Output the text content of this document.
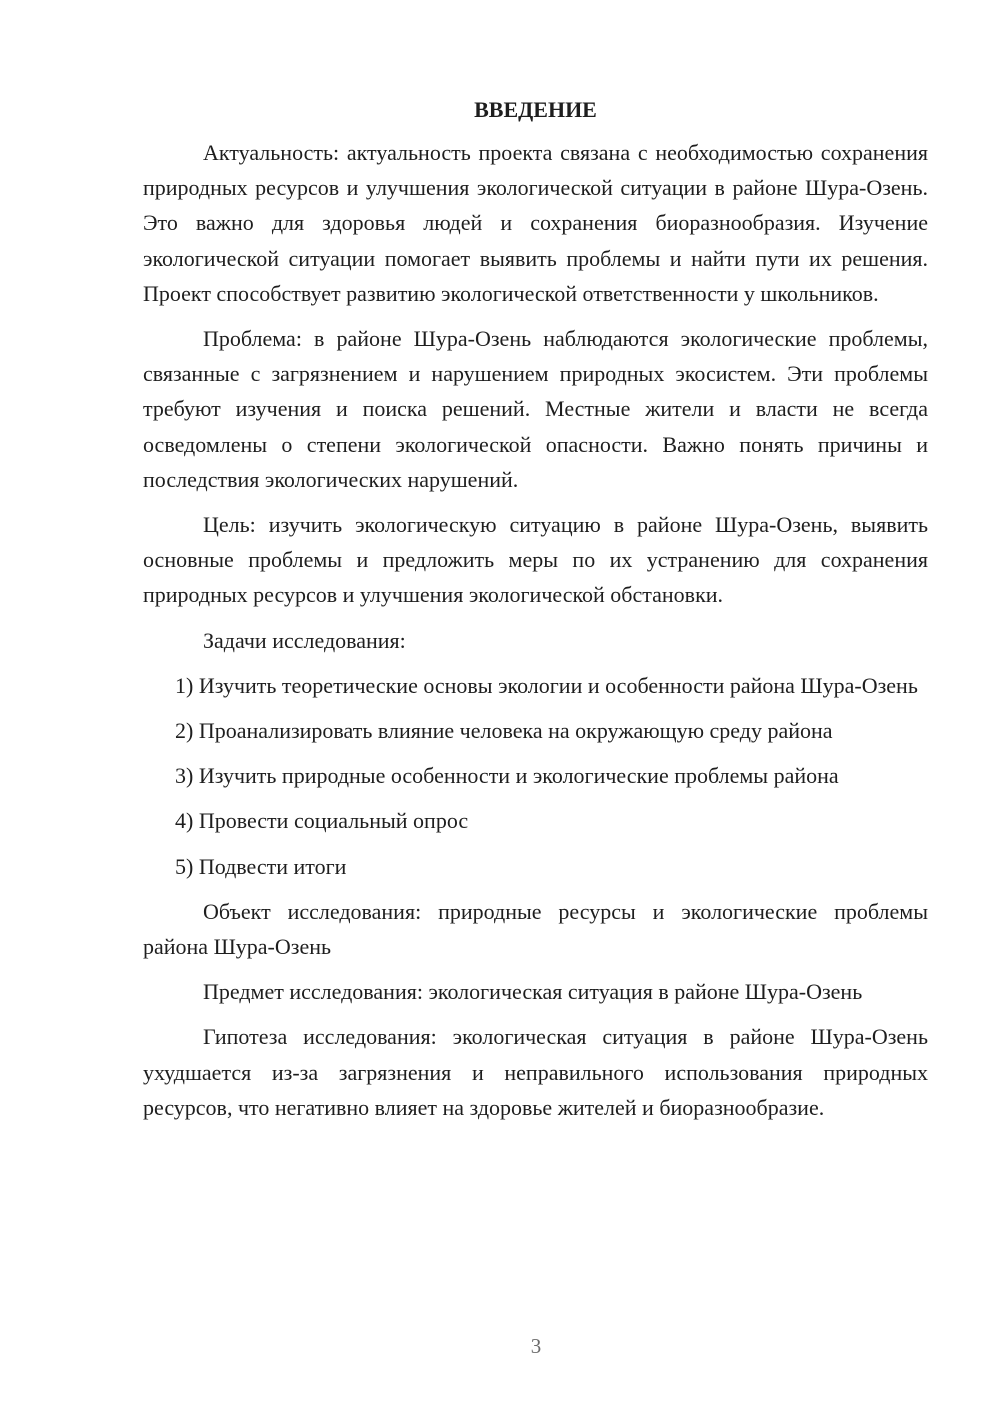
ВВЕДЕНИЕ

Актуальность: актуальность проекта связана с необходимостью сохранения природных ресурсов и улучшения экологической ситуации в районе Шура-Озень. Это важно для здоровья людей и сохранения биоразнообразия. Изучение экологической ситуации помогает выявить проблемы и найти пути их решения. Проект способствует развитию экологической ответственности у школьников.

Проблема: в районе Шура-Озень наблюдаются экологические проблемы, связанные с загрязнением и нарушением природных экосистем. Эти проблемы требуют изучения и поиска решений. Местные жители и власти не всегда осведомлены о степени экологической опасности. Важно понять причины и последствия экологических нарушений.

Цель: изучить экологическую ситуацию в районе Шура-Озень, выявить основные проблемы и предложить меры по их устранению для сохранения природных ресурсов и улучшения экологической обстановки.

Задачи исследования:

1) Изучить теоретические основы экологии и особенности района Шура-Озень

2) Проанализировать влияние человека на окружающую среду района

3) Изучить природные особенности и экологические проблемы района

4) Провести социальный опрос

5) Подвести итоги

Объект исследования: природные ресурсы и экологические проблемы района Шура-Озень

Предмет исследования: экологическая ситуация в районе Шура-Озень

Гипотеза исследования: экологическая ситуация в районе Шура-Озень ухудшается из-за загрязнения и неправильного использования природных ресурсов, что негативно влияет на здоровье жителей и биоразнообразие.

3
